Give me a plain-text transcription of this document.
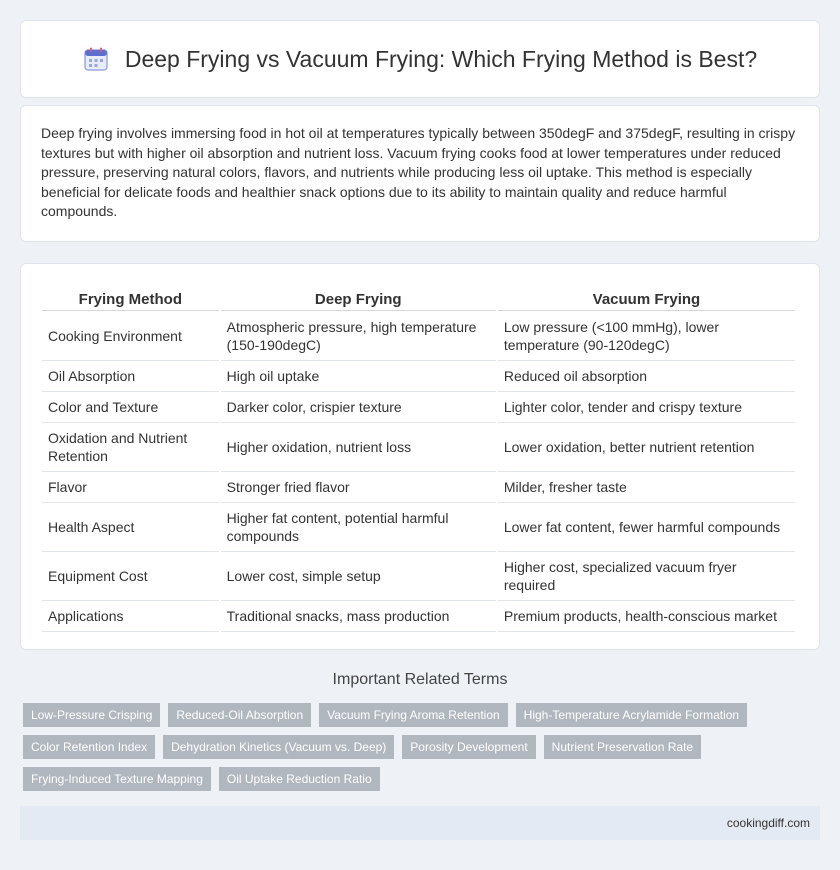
Deep Frying vs Vacuum Frying: Which Frying Method is Best?

Deep frying involves immersing food in hot oil at temperatures typically between 350degF and 375degF, resulting in crispy textures but with higher oil absorption and nutrient loss. Vacuum frying cooks food at lower temperatures under reduced pressure, preserving natural colors, flavors, and nutrients while producing less oil uptake. This method is especially beneficial for delicate foods and healthier snack options due to its ability to maintain quality and reduce harmful compounds.

Frying Method	Deep Frying	Vacuum Frying
Cooking Environment	Atmospheric pressure, high temperature (150-190degC)	Low pressure (<100 mmHg), lower temperature (90-120degC)
Oil Absorption	High oil uptake	Reduced oil absorption
Color and Texture	Darker color, crispier texture	Lighter color, tender and crispy texture
Oxidation and Nutrient Retention	Higher oxidation, nutrient loss	Lower oxidation, better nutrient retention
Flavor	Stronger fried flavor	Milder, fresher taste
Health Aspect	Higher fat content, potential harmful compounds	Lower fat content, fewer harmful compounds
Equipment Cost	Lower cost, simple setup	Higher cost, specialized vacuum fryer required
Applications	Traditional snacks, mass production	Premium products, health-conscious market
Important Related Terms
Low-Pressure Crisping	Reduced-Oil Absorption	Vacuum Frying Aroma Retention	High-Temperature Acrylamide Formation
Color Retention Index	Dehydration Kinetics (Vacuum vs. Deep)	Porosity Development	Nutrient Preservation Rate
Frying-Induced Texture Mapping	Oil Uptake Reduction Ratio
cookingdiff.com
